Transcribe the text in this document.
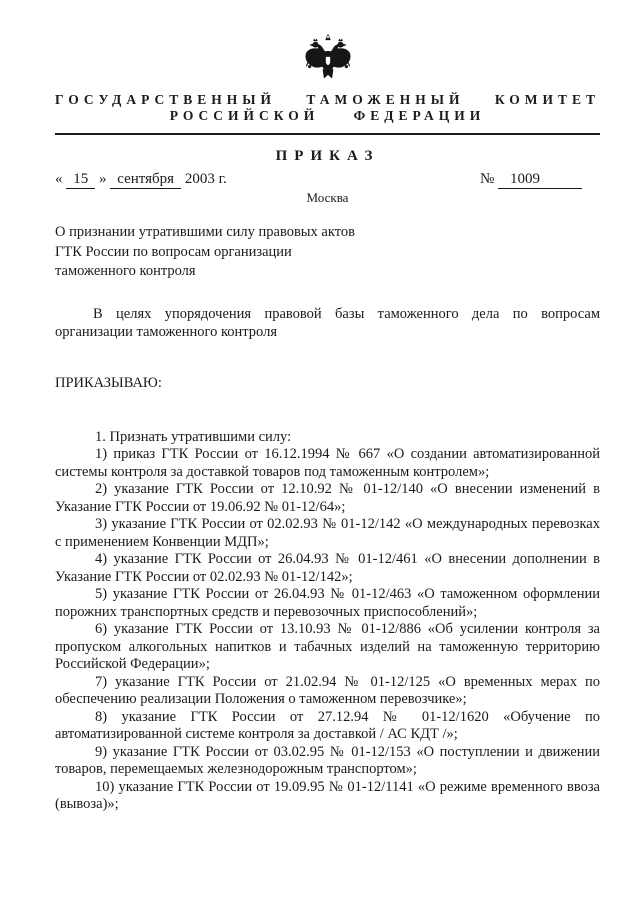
ГОСУДАРСТВЕННЫЙ ТАМОЖЕННЫЙ КОМИТЕТ
РОССИЙСКОЙ ФЕДЕРАЦИИ
ПРИКАЗ
« 15 » сентября 2003 г.	№ 1009
Москва
О признании утратившими силу правовых актов ГТК России по вопросам организации таможенного контроля
В целях упорядочения правовой базы таможенного дела по вопросам организации таможенного контроля
ПРИКАЗЫВАЮ:

1. Признать утратившими силу:

1) приказ ГТК России от 16.12.1994 № 667 «О создании автоматизированной системы контроля за доставкой товаров под таможенным контролем»;

2) указание ГТК России от 12.10.92 № 01-12/140 «О внесении изменений в Указание ГТК России от 19.06.92 № 01-12/64»;

3) указание ГТК России от 02.02.93 № 01-12/142 «О международных перевозках с применением Конвенции МДП»;

4) указание ГТК России от 26.04.93 № 01-12/461 «О внесении дополнении в Указание ГТК России от 02.02.93 № 01-12/142»;

5) указание ГТК России от 26.04.93 № 01-12/463 «О таможенном оформлении порожних транспортных средств и перевозочных приспособлений»;

6) указание ГТК России от 13.10.93 № 01-12/886 «Об усилении контроля за пропуском алкогольных напитков и табачных изделий на таможенную территорию Российской Федерации»;

7) указание ГТК России от 21.02.94 № 01-12/125 «О временных мерах по обеспечению реализации Положения о таможенном перевозчике»;

8) указание ГТК России от 27.12.94 № 01-12/1620 «Обучение по автоматизированной системе контроля за доставкой / АС КДТ /»;

9) указание ГТК России от 03.02.95 № 01-12/153 «О поступлении и движении товаров, перемещаемых железнодорожным транспортом»;

10) указание ГТК России от 19.09.95 № 01-12/1141 «О режиме временного ввоза (вывоза)»;
